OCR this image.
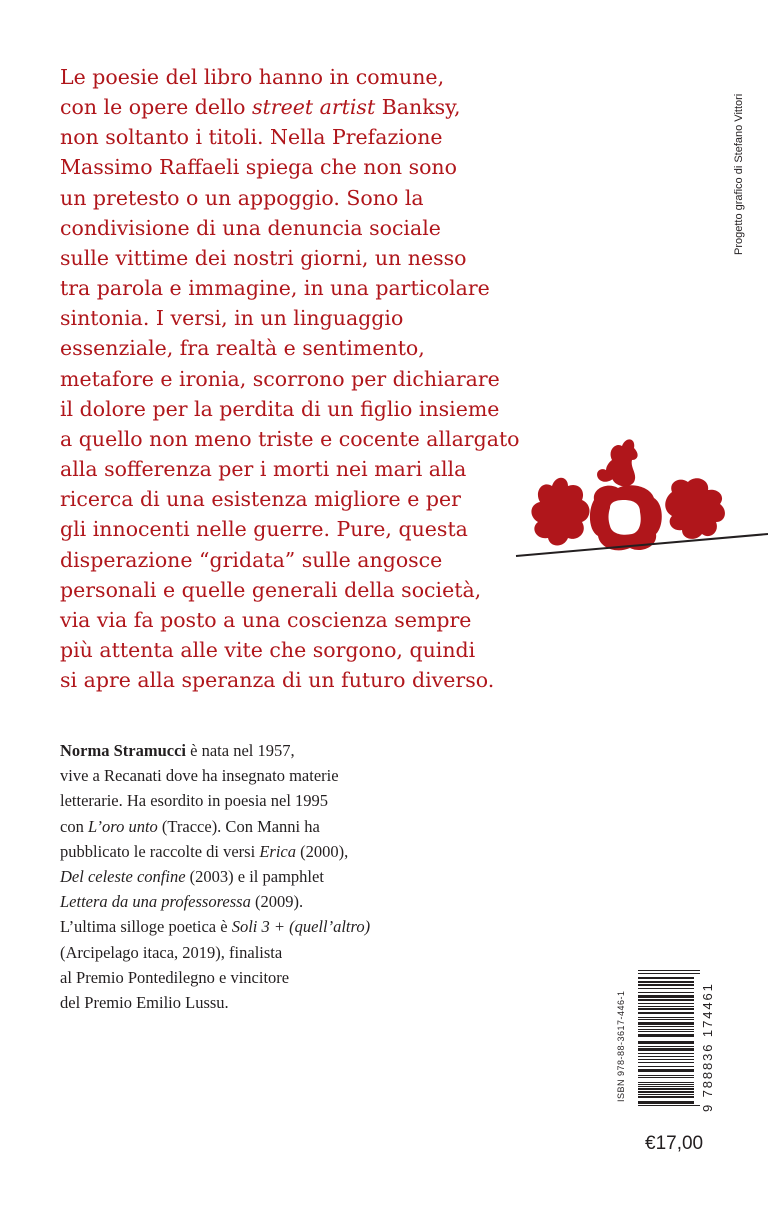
Le poesie del libro hanno in comune,
con le opere dello street artist Banksy,
non soltanto i titoli. Nella Prefazione
Massimo Raffaeli spiega che non sono
un pretesto o un appoggio. Sono la
condivisione di una denuncia sociale
sulle vittime dei nostri giorni, un nesso
tra parola e immagine, in una particolare
sintonia. I versi, in un linguaggio
essenziale, fra realtà e sentimento,
metafore e ironia, scorrono per dichiarare
il dolore per la perdita di un figlio insieme
a quello non meno triste e cocente allargato
alla sofferenza per i morti nei mari alla
ricerca di una esistenza migliore e per
gli innocenti nelle guerre. Pure, questa
disperazione “gridata” sulle angosce
personali e quelle generali della società,
via via fa posto a una coscienza sempre
più attenta alle vite che sorgono, quindi
si apre alla speranza di un futuro diverso.
Norma Stramucci è nata nel 1957,
vive a Recanati dove ha insegnato materie
letterarie. Ha esordito in poesia nel 1995
con L’oro unto (Tracce). Con Manni ha
pubblicato le raccolte di versi Erica (2000),
Del celeste confine (2003) e il pamphlet
Lettera da una professoressa (2009).
L’ultima silloge poetica è Soli 3 + (quell’altro)
(Arcipelago itaca, 2019), finalista
al Premio Pontedilegno e vincitore
del Premio Emilio Lussu.
Progetto grafico di Stefano Vittori
ISBN 978-88-3617-446-1	9 788836 174461
€17,00
